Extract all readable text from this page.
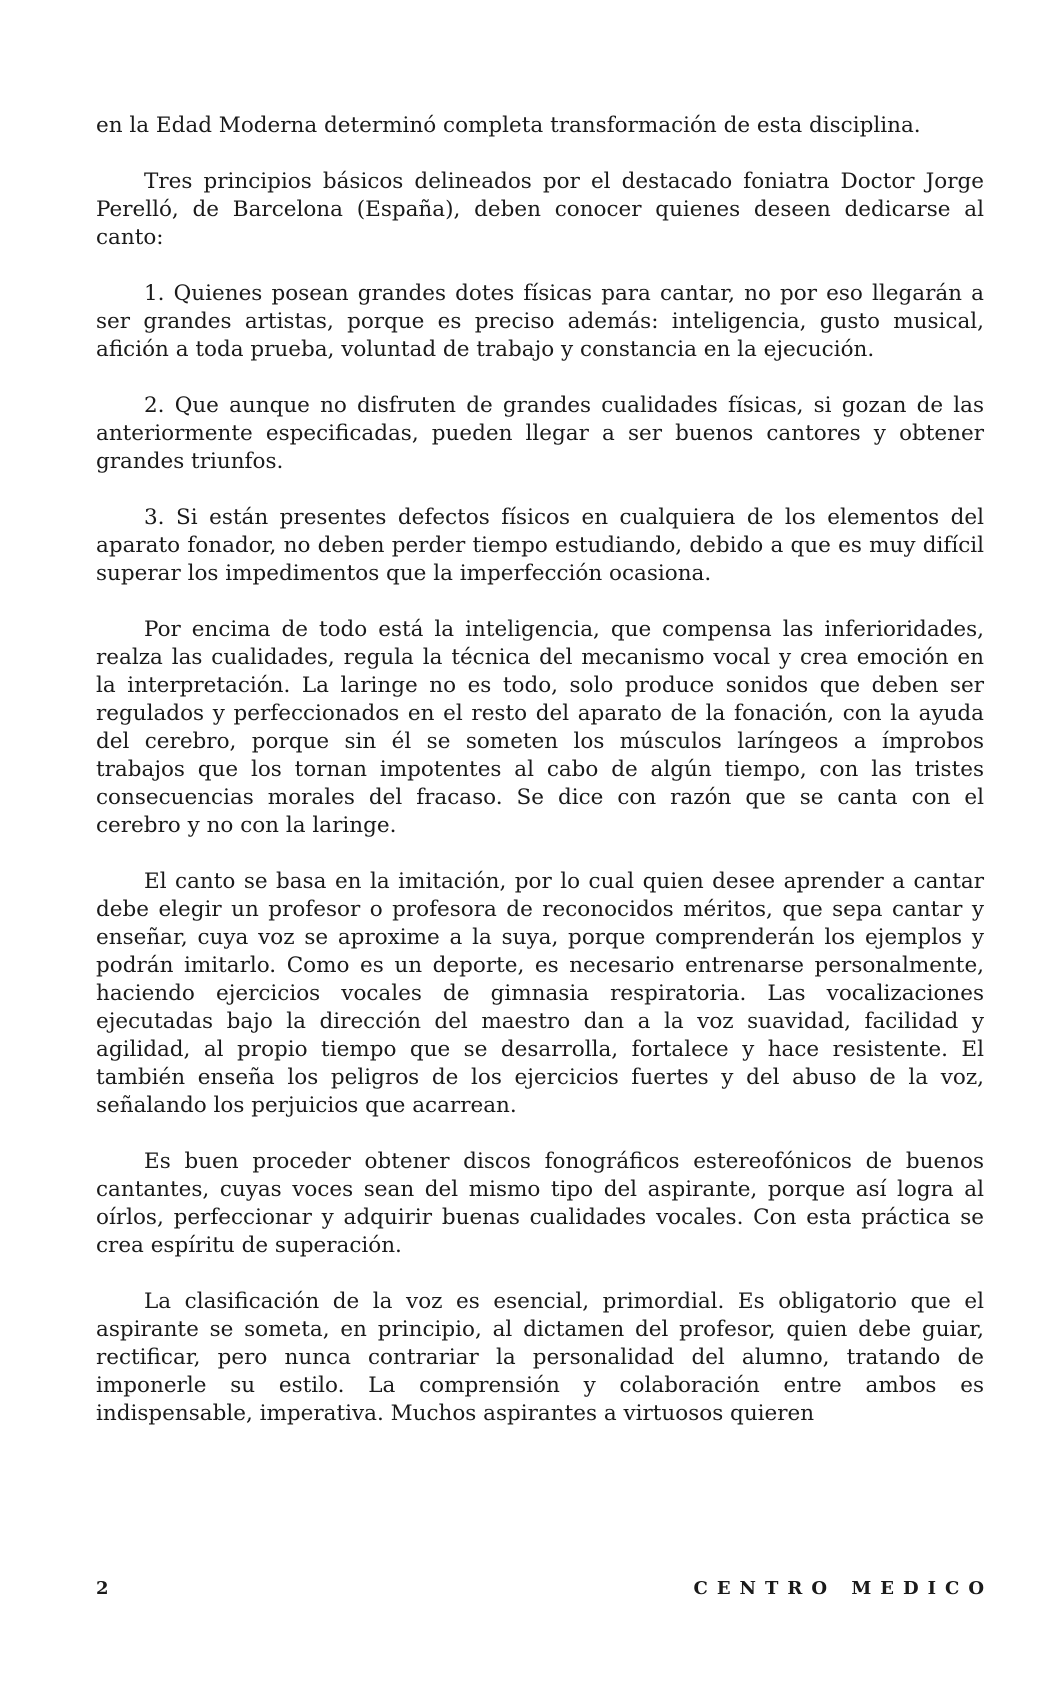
en la Edad Moderna determinó completa transformación de esta disciplina.

Tres principios básicos delineados por el destacado foniatra Doctor Jorge Perelló, de Barcelona (España), deben conocer quienes deseen dedicarse al canto:

1. Quienes posean grandes dotes físicas para cantar, no por eso llegarán a ser grandes artistas, porque es preciso además: inteligencia, gusto musical, afición a toda prueba, voluntad de trabajo y constancia en la ejecución.

2. Que aunque no disfruten de grandes cualidades físicas, si gozan de las anteriormente especificadas, pueden llegar a ser buenos cantores y obtener grandes triunfos.

3. Si están presentes defectos físicos en cualquiera de los elementos del aparato fonador, no deben perder tiempo estudiando, debido a que es muy difícil superar los impedimentos que la imperfección ocasiona.

Por encima de todo está la inteligencia, que compensa las inferioridades, realza las cualidades, regula la técnica del mecanismo vocal y crea emoción en la interpretación. La laringe no es todo, solo produce sonidos que deben ser regulados y perfeccionados en el resto del aparato de la fonación, con la ayuda del cerebro, porque sin él se someten los músculos laríngeos a ímprobos trabajos que los tornan impotentes al cabo de algún tiempo, con las tristes consecuencias morales del fracaso. Se dice con razón que se canta con el cerebro y no con la laringe.

El canto se basa en la imitación, por lo cual quien desee aprender a cantar debe elegir un profesor o profesora de reconocidos méritos, que sepa cantar y enseñar, cuya voz se aproxime a la suya, porque comprenderán los ejemplos y podrán imitarlo. Como es un deporte, es necesario entrenarse personalmente, haciendo ejercicios vocales de gimnasia respiratoria. Las vocalizaciones ejecutadas bajo la dirección del maestro dan a la voz suavidad, facilidad y agilidad, al propio tiempo que se desarrolla, fortalece y hace resistente. El también enseña los peligros de los ejercicios fuertes y del abuso de la voz, señalando los perjuicios que acarrean.

Es buen proceder obtener discos fonográficos estereofónicos de buenos cantantes, cuyas voces sean del mismo tipo del aspirante, porque así logra al oírlos, perfeccionar y adquirir buenas cualidades vocales. Con esta práctica se crea espíritu de superación.

La clasificación de la voz es esencial, primordial. Es obligatorio que el aspirante se someta, en principio, al dictamen del profesor, quien debe guiar, rectificar, pero nunca contrariar la personalidad del alumno, tratando de imponerle su estilo. La comprensión y colaboración entre ambos es indispensable, imperativa. Muchos aspirantes a virtuosos quieren

2	CENTRO MEDICO
